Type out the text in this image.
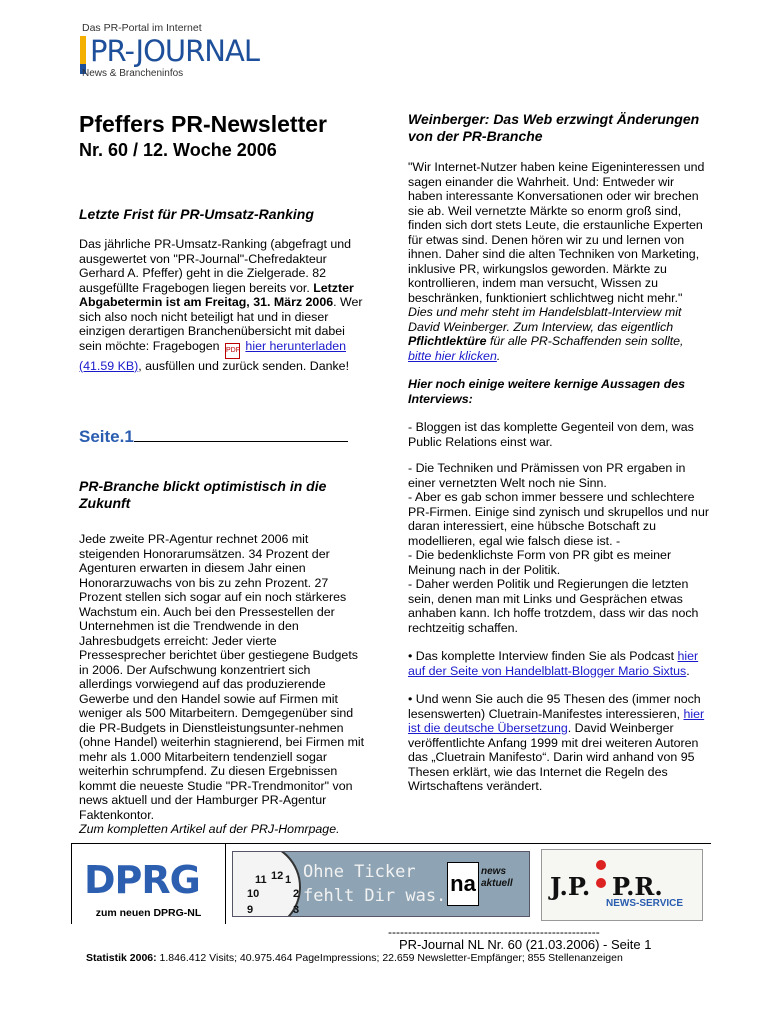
Das PR-Portal im Internet
PR-JOURNAL
News & Brancheninfos
Pfeffers PR-Newsletter
Nr. 60 / 12. Woche 2006
Letzte Frist für PR-Umsatz-Ranking
Das jährliche PR-Umsatz-Ranking (abgefragt und ausgewertet von "PR-Journal"-Chefredakteur Gerhard A. Pfeffer) geht in die Zielgerade. 82 ausgefüllte Fragebogen liegen bereits vor. Letzter Abgabetermin ist am Freitag, 31. März 2006. Wer sich also noch nicht beteiligt hat und in dieser einzigen derartigen Branchenübersicht mit dabei sein möchte: Fragebogen PDF hier herunterladen (41.59 KB), ausfüllen und zurück senden. Danke!
Seite.1
PR-Branche blickt optimistisch in die Zukunft
Jede zweite PR-Agentur rechnet 2006 mit steigenden Honorarumsätzen. 34 Prozent der Agenturen erwarten in diesem Jahr einen Honorarzuwachs von bis zu zehn Prozent. 27 Prozent stellen sich sogar auf ein noch stärkeres Wachstum ein. Auch bei den Pressestellen der Unternehmen ist die Trendwende in den Jahresbudgets erreicht: Jeder vierte Pressesprecher berichtet über gestiegene Budgets in 2006. Der Aufschwung konzentriert sich allerdings vorwiegend auf das produzierende Gewerbe und den Handel sowie auf Firmen mit weniger als 500 Mitarbeitern. Demgegenüber sind die PR-Budgets in Dienstleistungsunter-nehmen (ohne Handel) weiterhin stagnierend, bei Firmen mit mehr als 1.000 Mitarbeitern tendenziell sogar weiterhin schrumpfend. Zu diesen Ergebnissen kommt die neueste Studie "PR-Trendmonitor" von news aktuell und der Hamburger PR-Agentur Faktenkontor.
Zum kompletten Artikel auf der PRJ-Homrpage.
Weinberger: Das Web erzwingt Änderungen von der PR-Branche
"Wir Internet-Nutzer haben keine Eigeninteressen und sagen einander die Wahrheit. Und: Entweder wir haben interessante Konversationen oder wir brechen sie ab. Weil vernetzte Märkte so enorm groß sind, finden sich dort stets Leute, die erstaunliche Experten für etwas sind. Denen hören wir zu und lernen von ihnen. Daher sind die alten Techniken von Marketing, inklusive PR, wirkungslos geworden. Märkte zu kontrollieren, indem man versucht, Wissen zu beschränken, funktioniert schlichtweg nicht mehr."
Dies und mehr steht im Handelsblatt-Interview mit David Weinberger. Zum Interview, das eigentlich Pflichtlektüre für alle PR-Schaffenden sein sollte, bitte hier klicken.
Hier noch einige weitere kernige Aussagen des Interviews:
- Bloggen ist das komplette Gegenteil von dem, was Public Relations einst war.
- Die Techniken und Prämissen von PR ergaben in einer vernetzten Welt noch nie Sinn.
- Aber es gab schon immer bessere und schlechtere PR-Firmen. Einige sind zynisch und skrupellos und nur daran interessiert, eine hübsche Botschaft zu modellieren, egal wie falsch diese ist. -
- Die bedenklichste Form von PR gibt es meiner Meinung nach in der Politik.
- Daher werden Politik und Regierungen die letzten sein, denen man mit Links und Gesprächen etwas anhaben kann. Ich hoffe trotzdem, dass wir das noch rechtzeitig schaffen.
• Das komplette Interview finden Sie als Podcast hier auf der Seite von Handelblatt-Blogger Mario Sixtus.
• Und wenn Sie auch die 95 Thesen des (immer noch lesenswerten) Cluetrain-Manifestes interessieren, hier ist die deutsche Übersetzung. David Weinberger veröffentlichte Anfang 1999 mit drei weiteren Autoren das „Cluetrain Manifesto“. Darin wird anhand von 95 Thesen erklärt, wie das Internet die Regeln des Wirtschaftens verändert.
DPRG
zum neuen DPRG-NL
11 12 1
10	2
9	3
Ohne Ticker
fehlt Dir was. na news
aktuell J.P. P.R.
NEWS-SERVICE
-----------------------------------------------------
PR-Journal NL Nr. 60 (21.03.2006) - Seite 1
Statistik 2006: 1.846.412 Visits; 40.975.464 PageImpressions; 22.659 Newsletter-Empfänger; 855 Stellenanzeigen
